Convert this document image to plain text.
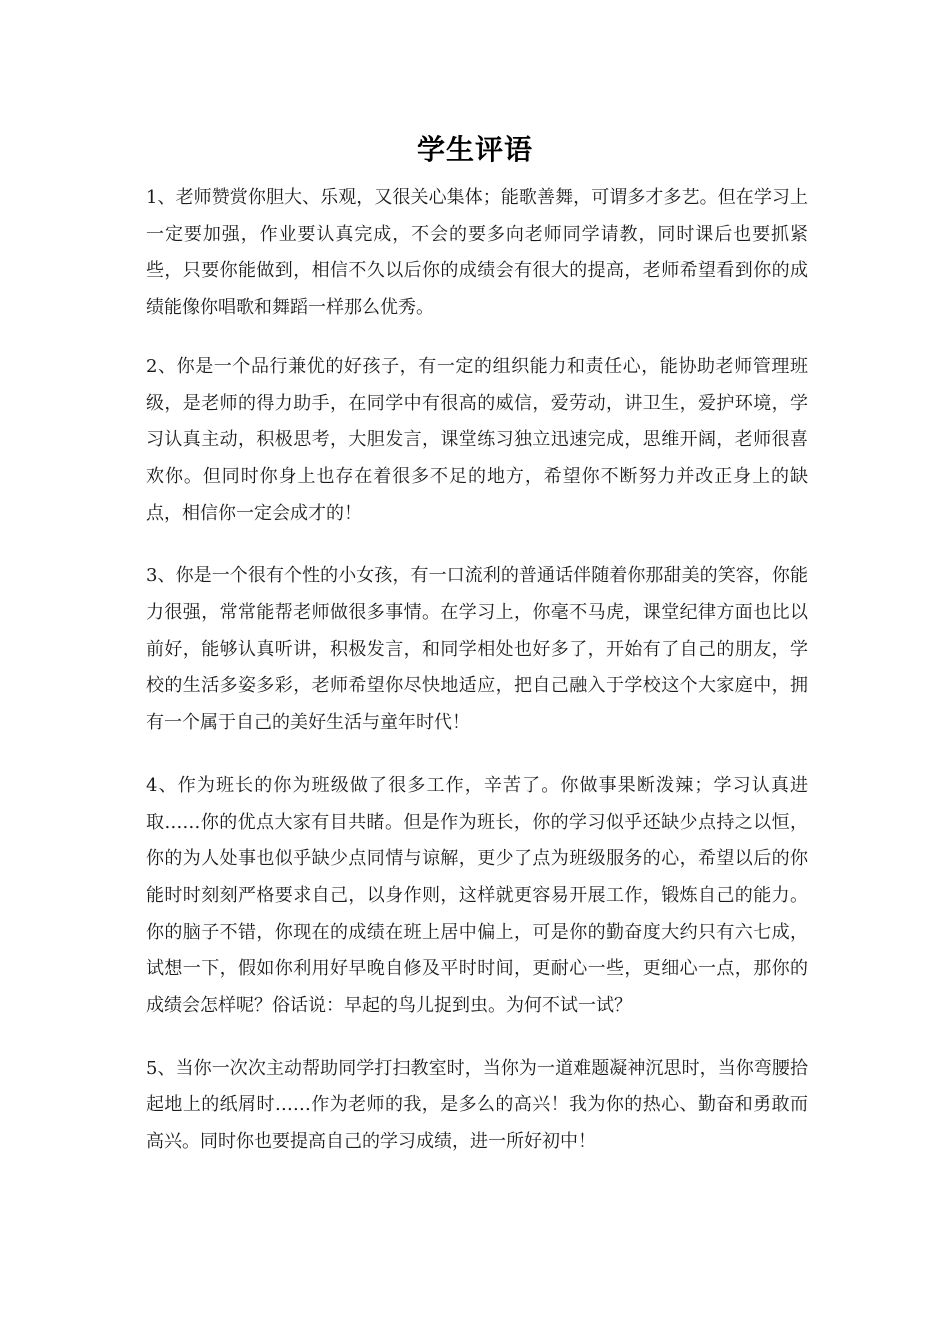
学生评语

1、老师赞赏你胆大、乐观，又很关心集体；能歌善舞，可谓多才多艺。但在学习上一定要加强，作业要认真完成，不会的要多向老师同学请教，同时课后也要抓紧些，只要你能做到，相信不久以后你的成绩会有很大的提高，老师希望看到你的成绩能像你唱歌和舞蹈一样那么优秀。

2、你是一个品行兼优的好孩子，有一定的组织能力和责任心，能协助老师管理班级，是老师的得力助手，在同学中有很高的威信，爱劳动，讲卫生，爱护环境，学习认真主动，积极思考，大胆发言，课堂练习独立迅速完成，思维开阔，老师很喜欢你。但同时你身上也存在着很多不足的地方，希望你不断努力并改正身上的缺点，相信你一定会成才的！

3、你是一个很有个性的小女孩，有一口流利的普通话伴随着你那甜美的笑容，你能力很强，常常能帮老师做很多事情。在学习上，你毫不马虎，课堂纪律方面也比以前好，能够认真听讲，积极发言，和同学相处也好多了，开始有了自己的朋友，学校的生活多姿多彩，老师希望你尽快地适应，把自己融入于学校这个大家庭中，拥有一个属于自己的美好生活与童年时代！

4、作为班长的你为班级做了很多工作，辛苦了。你做事果断泼辣；学习认真进取……你的优点大家有目共睹。但是作为班长，你的学习似乎还缺少点持之以恒，你的为人处事也似乎缺少点同情与谅解，更少了点为班级服务的心，希望以后的你能时时刻刻严格要求自己，以身作则，这样就更容易开展工作，锻炼自己的能力。你的脑子不错，你现在的成绩在班上居中偏上，可是你的勤奋度大约只有六七成，试想一下，假如你利用好早晚自修及平时时间，更耐心一些，更细心一点，那你的成绩会怎样呢？俗话说：早起的鸟儿捉到虫。为何不试一试？

5、当你一次次主动帮助同学打扫教室时，当你为一道难题凝神沉思时，当你弯腰拾起地上的纸屑时……作为老师的我，是多么的高兴！我为你的热心、勤奋和勇敢而高兴。同时你也要提高自己的学习成绩，进一所好初中！
